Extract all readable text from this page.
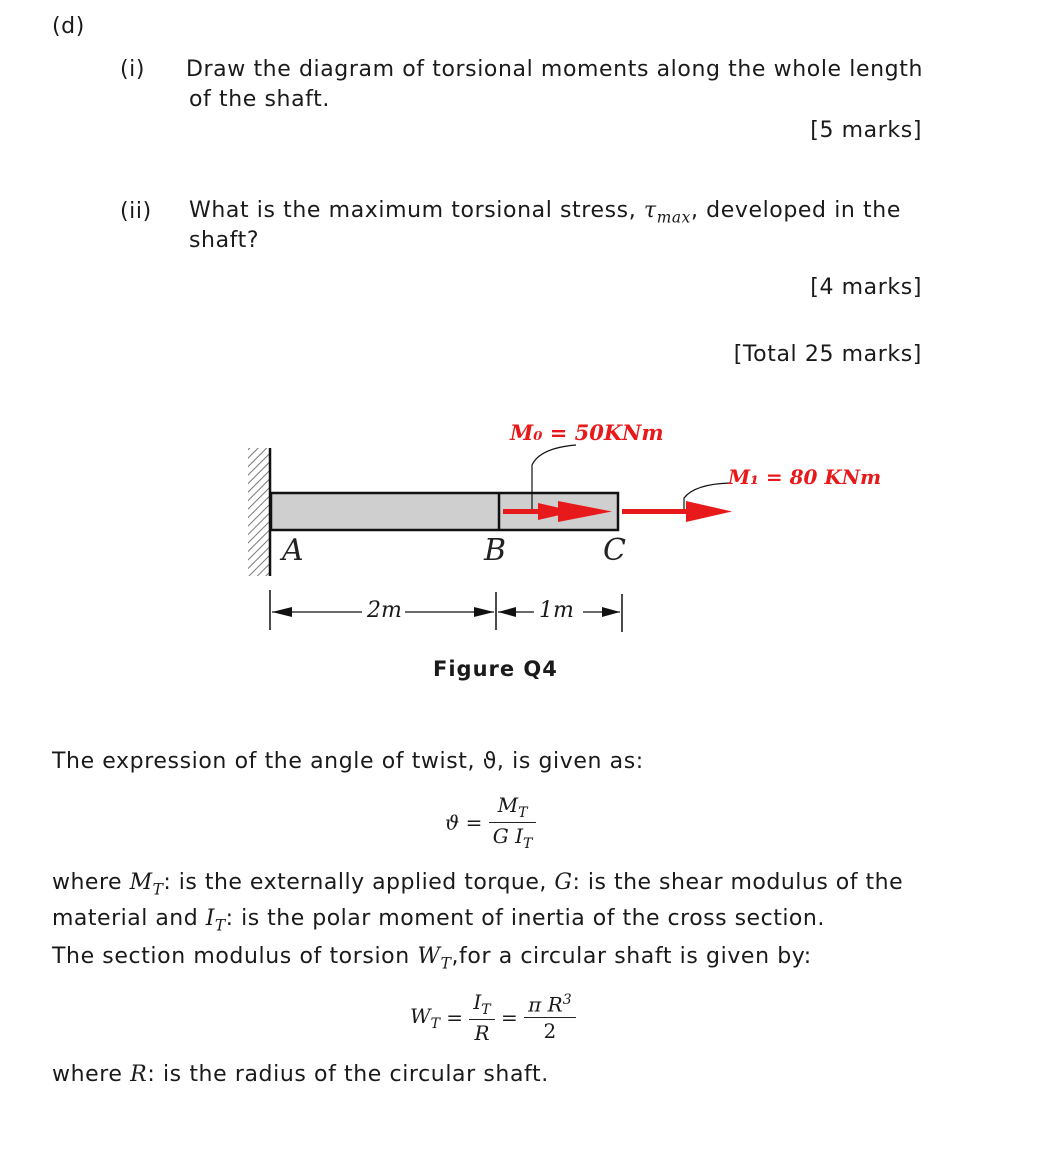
(d)
(i) Draw the diagram of torsional moments along the whole length
of the shaft.
[5 marks]
(ii) What is the maximum torsional stress, $\tau_{max}$, developed in the
shaft?
[4 marks]
[Total 25 marks]
M₀ = 50KNm
M₁ = 80 KNm
A	B	C
2m	1m
Figure Q4
The expression of the angle of twist, ϑ, is given as:
$ϑ = \frac{M_T}{G I_T}$
where $M_T$: is the externally applied torque, G: is the shear modulus of the
material and $I_T$: is the polar moment of inertia of the cross section.
The section modulus of torsion $W_T,for$ a circular shaft is given by:
$W_T = \frac{I_T}{R} = \frac{\pi R^3}{2}$
where R: is the radius of the circular shaft.
